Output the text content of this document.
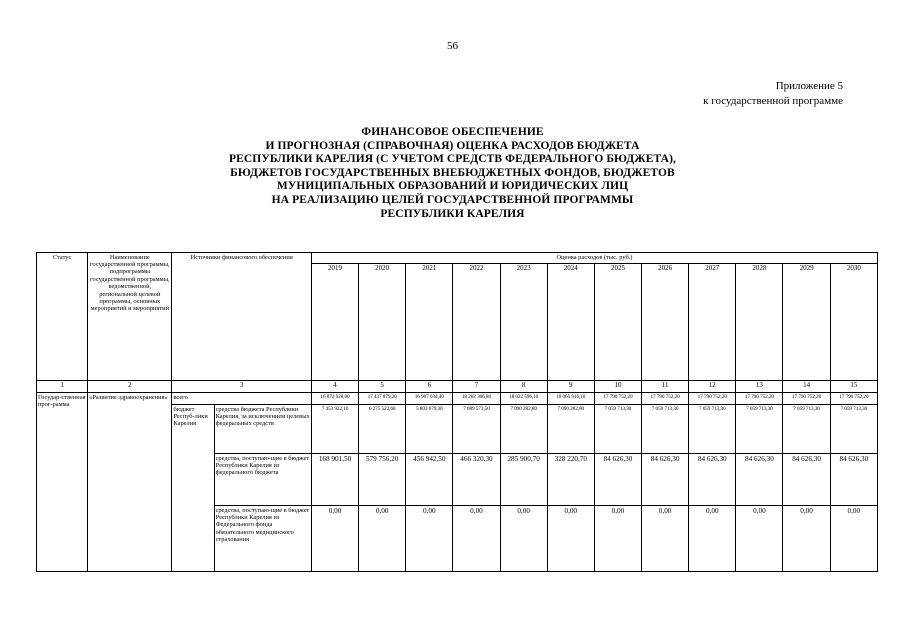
56
Приложение 5
к государственной программе
ФИНАНСОВОЕ ОБЕСПЕЧЕНИЕ
И ПРОГНОЗНАЯ (СПРАВОЧНАЯ) ОЦЕНКА РАСХОДОВ БЮДЖЕТА
РЕСПУБЛИКИ КАРЕЛИЯ (С УЧЕТОМ СРЕДСТВ ФЕДЕРАЛЬНОГО БЮДЖЕТА),
БЮДЖЕТОВ ГОСУДАРСТВЕННЫХ ВНЕБЮДЖЕТНЫХ ФОНДОВ, БЮДЖЕТОВ
МУНИЦИПАЛЬНЫХ ОБРАЗОВАНИЙ И ЮРИДИЧЕСКИХ ЛИЦ
НА РЕАЛИЗАЦИЮ ЦЕЛЕЙ ГОСУДАРСТВЕННОЙ ПРОГРАММЫ
РЕСПУБЛИКИ КАРЕЛИЯ
Статус	Наименование государственной программы, подпрограммы государственной программы, ведомственной, региональной целевой программы, основных мероприятий и мероприятий	Источники финансового обеспечения		Оценка расходов (тыс. руб.)											
				2019	2020	2021	2022	2023	2024	2025	2026	2027	2028	2029	2030
1	2	3		4	5	6	7	8	9	10	11	12	13	14	15
Государ-ственная прог-рамма	«Развитие здравоохранения»	всего		16 872 928,00	17 437 879,20	16 907 034,40	18 202 306,80	18 022 596,10	18 065 916,10	17 790 752,20	17 790 752,20	17 790 752,20	17 790 752,20	17 790 752,20	17 790 752,20
		бюджет Респуб-лики Карелия	средства бюджета Республики Карелия, за исключением целевых федеральных средств	7 453 922,10	6 275 522,60	5 803 679,30	7 089 573,50	7 090 282,80	7 090 282,80	7 059 713,30	7 059 713,30	7 059 713,30	7 059 713,30	7 059 713,30	7 059 713,30
			средства, поступаю-щие в бюджет Республики Карелия из федерального бюджета	168 901,50	579 756,20	456 942,50	466 320,30	285 900,70	328 220,70	84 626,30	84 626,30	84 626,30	84 626,30	84 626,30	84 626,30
			средства, поступаю-щие в бюджет Республики Карелия из Федерального фонда обязательного медицинского страхования	0,00	0,00	0,00	0,00	0,00	0,00	0,00	0,00	0,00	0,00	0,00	0,00
